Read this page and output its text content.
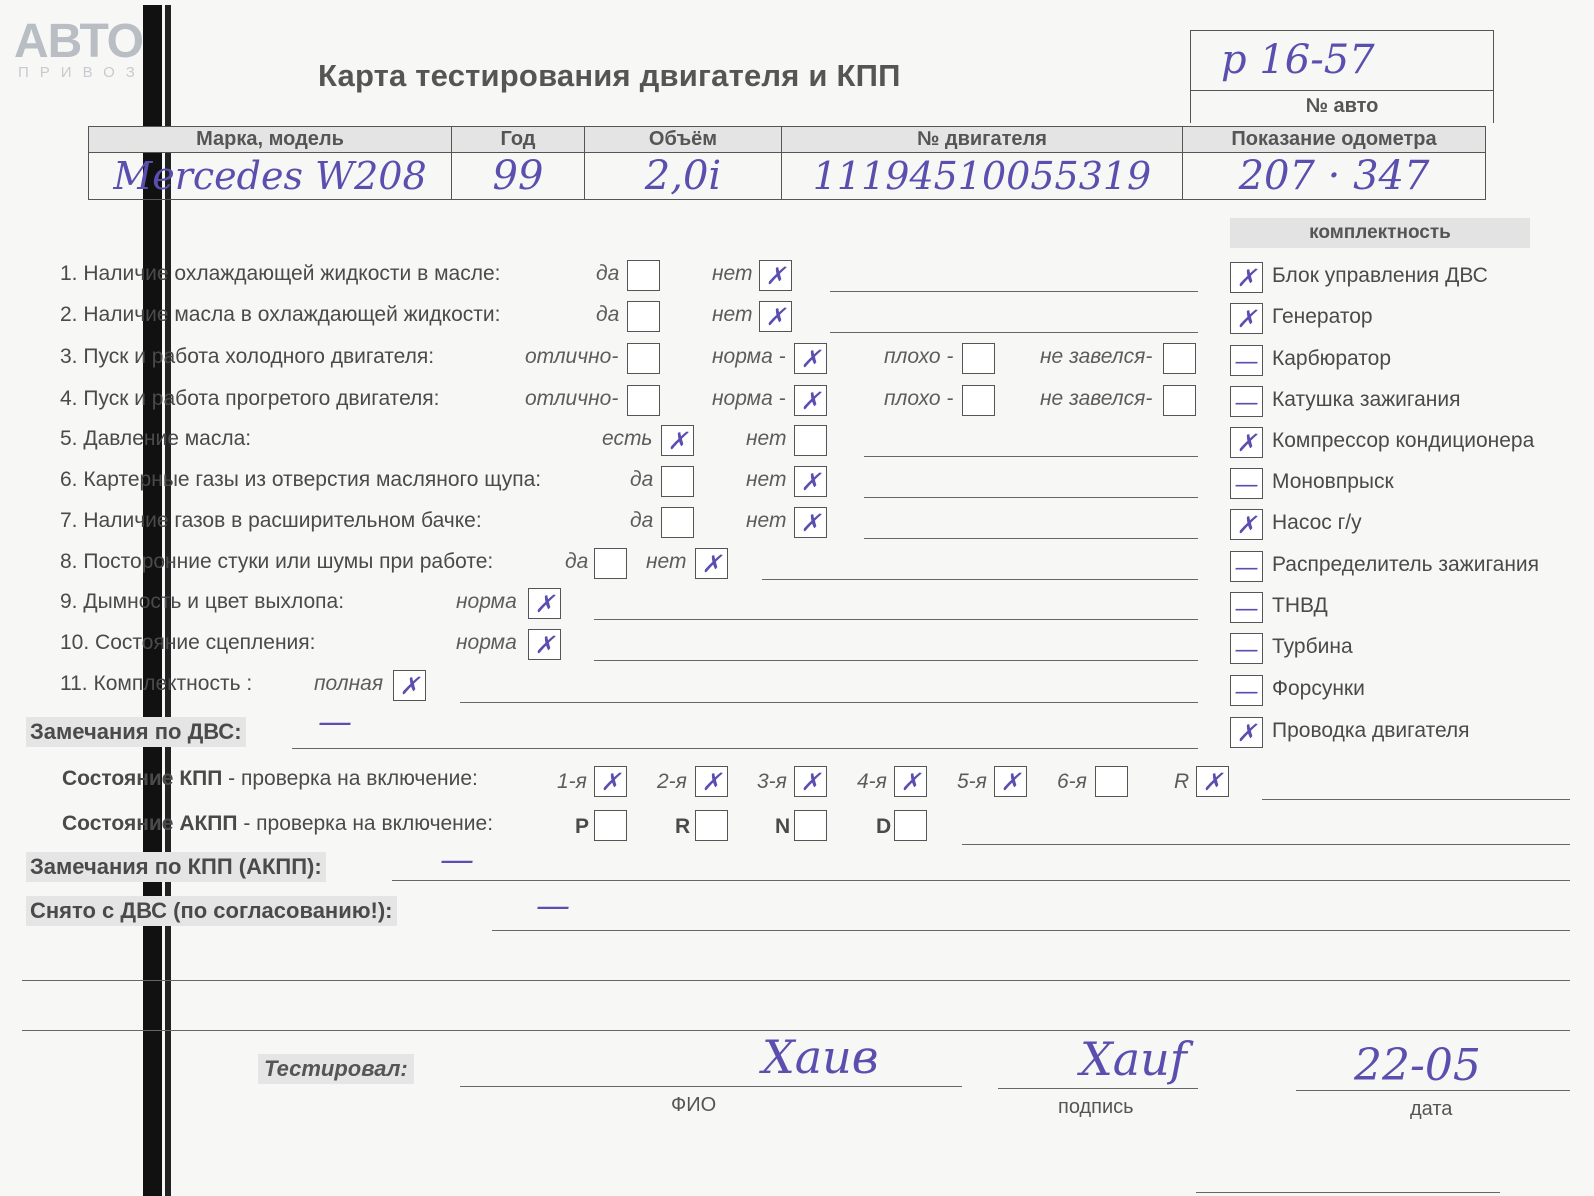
АВТО
ПРИВОЗ	Карта тестирования двигателя и КПП	р 16-57
№ авто
Марка, модель	Год	Объём	№ двигателя	Показание одометра
Mercedes W208	99	2,0i	11194510055319	207 · 347
комплектность
1. Наличие охлаждающей жидкости в масле:	да	нет ✗
2. Наличие масла в охлаждающей жидкости:	да	нет ✗
3. Пуск и работа холодного двигателя:	отлично-	норма - ✗	плохо -	не завелся-
4. Пуск и работа прогретого двигателя:	отлично-	норма - ✗	плохо -	не завелся-
5. Давление масла:	есть ✗	нет
6. Картерные газы из отверстия масляного щупа:	да	нет ✗
7. Наличие газов в расширительном бачке:	да	нет ✗
8. Посторонние стуки или шумы при работе:	да	нет ✗
9. Дымность и цвет выхлопа:	норма ✗
10. Состояние сцепления:	норма ✗
11. Комплектность :	полная ✗
✗ Блок управления ДВС
✗ Генератор
— Карбюратор
— Катушка зажигания
✗ Компрессор кондиционера
— Моновпрыск
✗ Насос г/у
— Распределитель зажигания
— ТНВД
— Турбина
— Форсунки
✗ Проводка двигателя
Замечания по ДВС: —
Состояние КПП - проверка на включение:	1-я ✗ 2-я ✗ 3-я ✗ 4-я ✗ 5-я ✗ 6-я	R ✗
Состояние АКПП - проверка на включение:	P	R	N	D
Замечания по КПП (АКПП):	—
Снято с ДВС (по согласованию!):	—
Тестировал:	Хаив
ФИО
Хаиf
подпись
22-05
дата
